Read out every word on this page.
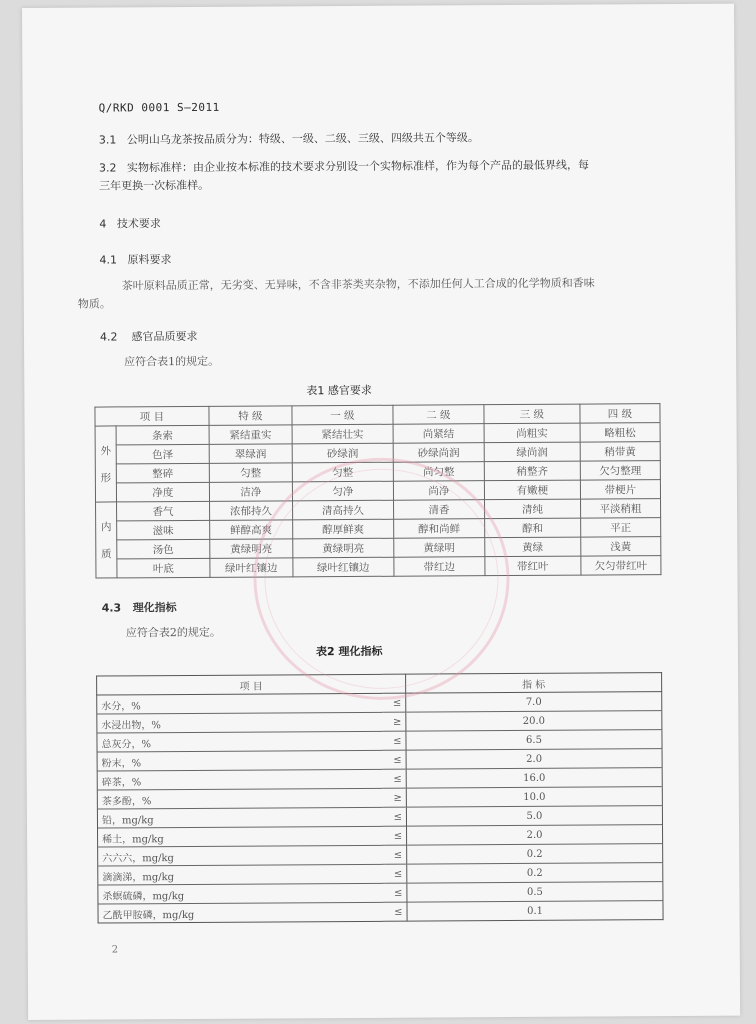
Q/RKD 0001 S—2011
3.1 公明山乌龙茶按品质分为：特级、一级、二级、三级、四级共五个等级。
3.2 实物标准样：由企业按本标准的技术要求分别设一个实物标准样，作为每个产品的最低界线，每
三年更换一次标准样。
4 技术要求
4.1 原料要求
茶叶原料品质正常，无劣变、无异味，不含非茶类夹杂物，不添加任何人工合成的化学物质和香味
物质。
4.2 感官品质要求
应符合表1的规定。
表1 感官要求
项 目		特 级	一 级	二 级	三 级	四 级
外

形	条索	紧结重实	紧结壮实	尚紧结	尚粗实	略粗松
	色泽	翠绿润	砂绿润	砂绿尚润	绿尚润	稍带黄
	整碎	匀整	匀整	尚匀整	稍整齐	欠匀整理
	净度	洁净	匀净	尚净	有嫩梗	带梗片
内

质	香气	浓郁持久	清高持久	清香	清纯	平淡稍粗
	滋味	鲜醇高爽	醇厚鲜爽	醇和尚鲜	醇和	平正
	汤色	黄绿明亮	黄绿明亮	黄绿明	黄绿	浅黄
	叶底	绿叶红镶边	绿叶红镶边	带红边	带红叶	欠匀带红叶
4.3 理化指标
应符合表2的规定。
表2 理化指标
项 目		指 标
水分，%	≤	7.0
水浸出物，%	≥	20.0
总灰分，%	≤	6.5
粉末，%	≤	2.0
碎茶，%	≤	16.0
茶多酚，%	≥	10.0
铅，mg/kg	≤	5.0
稀土，mg/kg	≤	2.0
六六六，mg/kg	≤	0.2
滴滴涕，mg/kg	≤	0.2
杀螟硫磷，mg/kg	≤	0.5
乙酰甲胺磷，mg/kg	≤	0.1
2
